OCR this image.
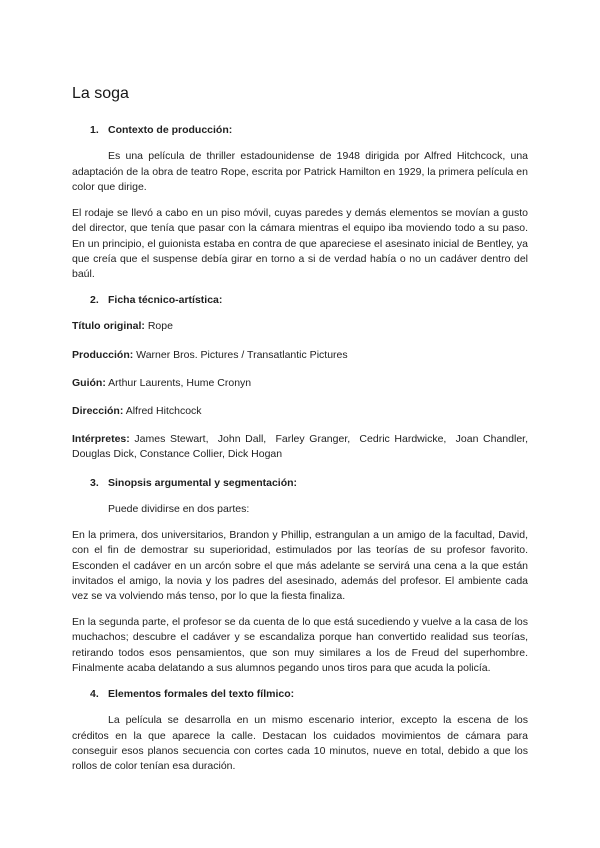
La soga
1. Contexto de producción:

Es una película de thriller estadounidense de 1948 dirigida por Alfred Hitchcock, una adaptación de la obra de teatro Rope, escrita por Patrick Hamilton en 1929, la primera película en color que dirige.

El rodaje se llevó a cabo en un piso móvil, cuyas paredes y demás elementos se movían a gusto del director, que tenía que pasar con la cámara mientras el equipo iba moviendo todo a su paso. En un principio, el guionista estaba en contra de que apareciese el asesinato inicial de Bentley, ya que creía que el suspense debía girar en torno a si de verdad había o no un cadáver dentro del baúl.

2. Ficha técnico-artística:

Título original: Rope

Producción: Warner Bros. Pictures / Transatlantic Pictures

Guión: Arthur Laurents, Hume Cronyn

Dirección: Alfred Hitchcock

Intérpretes: James Stewart,  John Dall,  Farley Granger,  Cedric Hardwicke,  Joan Chandler, Douglas Dick, Constance Collier, Dick Hogan

3. Sinopsis argumental y segmentación:

Puede dividirse en dos partes:

En la primera, dos universitarios, Brandon y Phillip, estrangulan a un amigo de la facultad, David, con el fin de demostrar su superioridad, estimulados por las teorías de su profesor favorito. Esconden el cadáver en un arcón sobre el que más adelante se servirá una cena a la que están invitados el amigo, la novia y los padres del asesinado, además del profesor. El ambiente cada vez se va volviendo más tenso, por lo que la fiesta finaliza.

En la segunda parte, el profesor se da cuenta de lo que está sucediendo y vuelve a la casa de los muchachos; descubre el cadáver y se escandaliza porque han convertido realidad sus teorías, retirando todos esos pensamientos, que son muy similares a los de Freud del superhombre. Finalmente acaba delatando a sus alumnos pegando unos tiros para que acuda la policía.

4. Elementos formales del texto fílmico:

La película se desarrolla en un mismo escenario interior, excepto la escena de los créditos en la que aparece la calle. Destacan los cuidados movimientos de cámara para conseguir esos planos secuencia con cortes cada 10 minutos, nueve en total, debido a que los rollos de color tenían esa duración.
